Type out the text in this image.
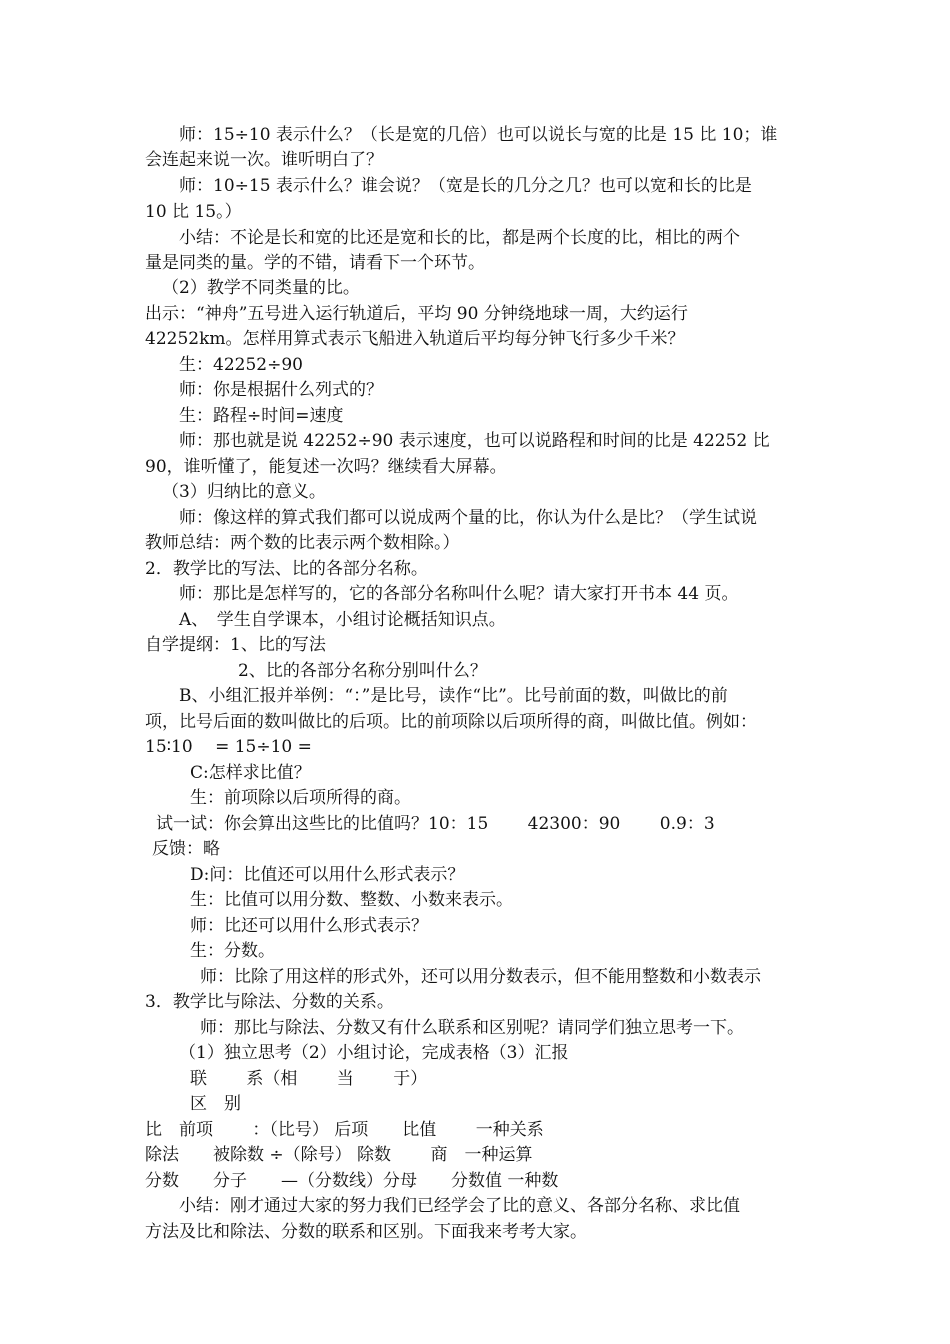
师：15÷10 表示什么？（长是宽的几倍）也可以说长与宽的比是 15 比 10；谁
会连起来说一次。谁听明白了？
师：10÷15 表示什么？谁会说？（宽是长的几分之几？也可以宽和长的比是
10 比 15。）
小结：不论是长和宽的比还是宽和长的比，都是两个长度的比，相比的两个
量是同类的量。学的不错，请看下一个环节。
（2）教学不同类量的比。
出示：“神舟”五号进入运行轨道后，平均 90 分钟绕地球一周，大约运行
42252km。怎样用算式表示飞船进入轨道后平均每分钟飞行多少千米？
生：42252÷90
师：你是根据什么列式的？
生：路程÷时间=速度
师：那也就是说 42252÷90 表示速度，也可以说路程和时间的比是 42252 比
90，谁听懂了，能复述一次吗？继续看大屏幕。
（3）归纳比的意义。
师：像这样的算式我们都可以说成两个量的比，你认为什么是比？（学生试说
教师总结：两个数的比表示两个数相除。）
2．教学比的写法、比的各部分名称。
师：那比是怎样写的，它的各部分名称叫什么呢？请大家打开书本 44 页。
A、　学生自学课本，小组讨论概括知识点。
自学提纲：1、比的写法
2、比的各部分名称分别叫什么？
B、小组汇报并举例：“：”是比号，读作“比”。比号前面的数，叫做比的前
项，比号后面的数叫做比的后项。比的前项除以后项所得的商，叫做比值。例如：
15∶10　 = 15÷10 =
C:怎样求比值？
生：前项除以后项所得的商。
试一试：你会算出这些比的比值吗？10：15　　 42300：90　　 0.9：3
反馈：略
D:问：比值还可以用什么形式表示？
生：比值可以用分数、整数、小数来表示。
师：比还可以用什么形式表示？
生：分数。
师：比除了用这样的形式外，还可以用分数表示，但不能用整数和小数表示
3．教学比与除法、分数的关系。
师：那比与除法、分数又有什么联系和区别呢？请同学们独立思考一下。
（1）独立思考（2）小组讨论，完成表格（3）汇报
联　　 系（相　　 当　　 于）
区　别
比　前项　　 ：（比号） 后项　　比值　　 一种关系
除法　　被除数 ÷（除号） 除数　　 商　一种运算
分数　　分子　　—（分数线）分母　　分数值 一种数
小结：刚才通过大家的努力我们已经学会了比的意义、各部分名称、求比值
方法及比和除法、分数的联系和区别。下面我来考考大家。
